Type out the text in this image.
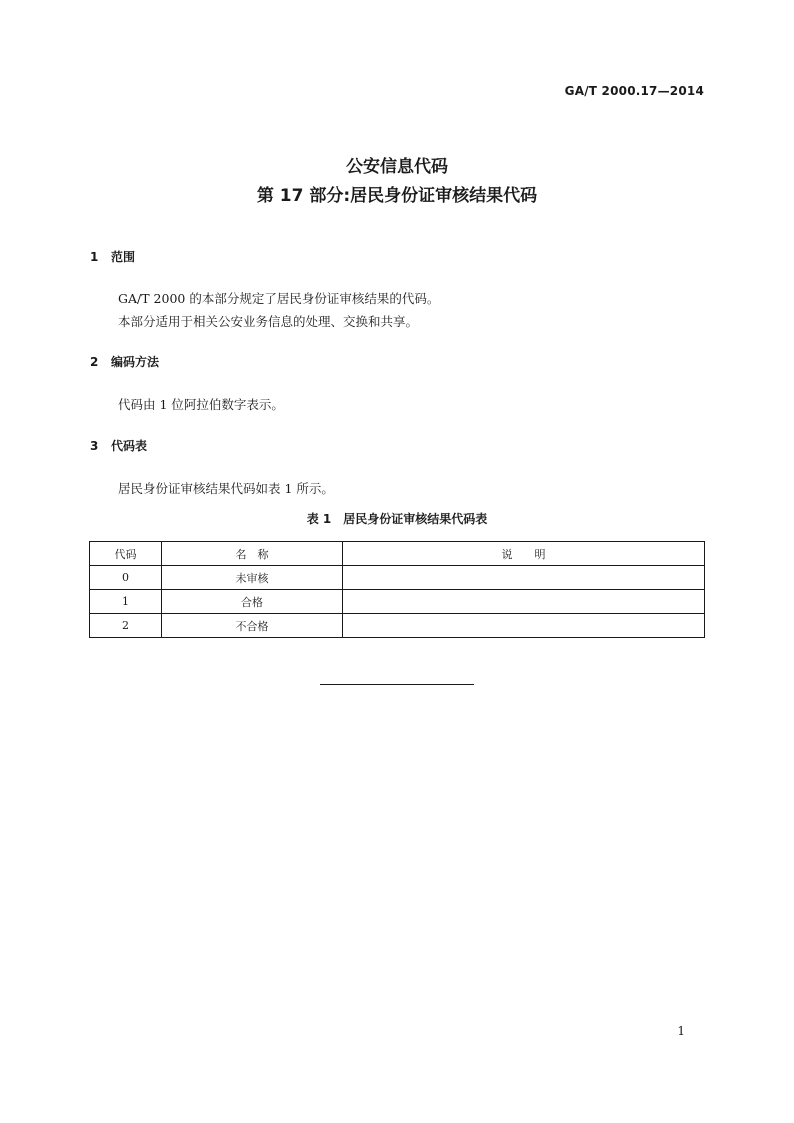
GA/T 2000.17—2014
公安信息代码
第 17 部分:居民身份证审核结果代码
1 范围
GA/T 2000 的本部分规定了居民身份证审核结果的代码。
本部分适用于相关公安业务信息的处理、交换和共享。
2 编码方法
代码由 1 位阿拉伯数字表示。
3 代码表
居民身份证审核结果代码如表 1 所示。
表 1　居民身份证审核结果代码表
代码	名　称	说　　明
0	未审核	
1	合格	
2	不合格	
1
